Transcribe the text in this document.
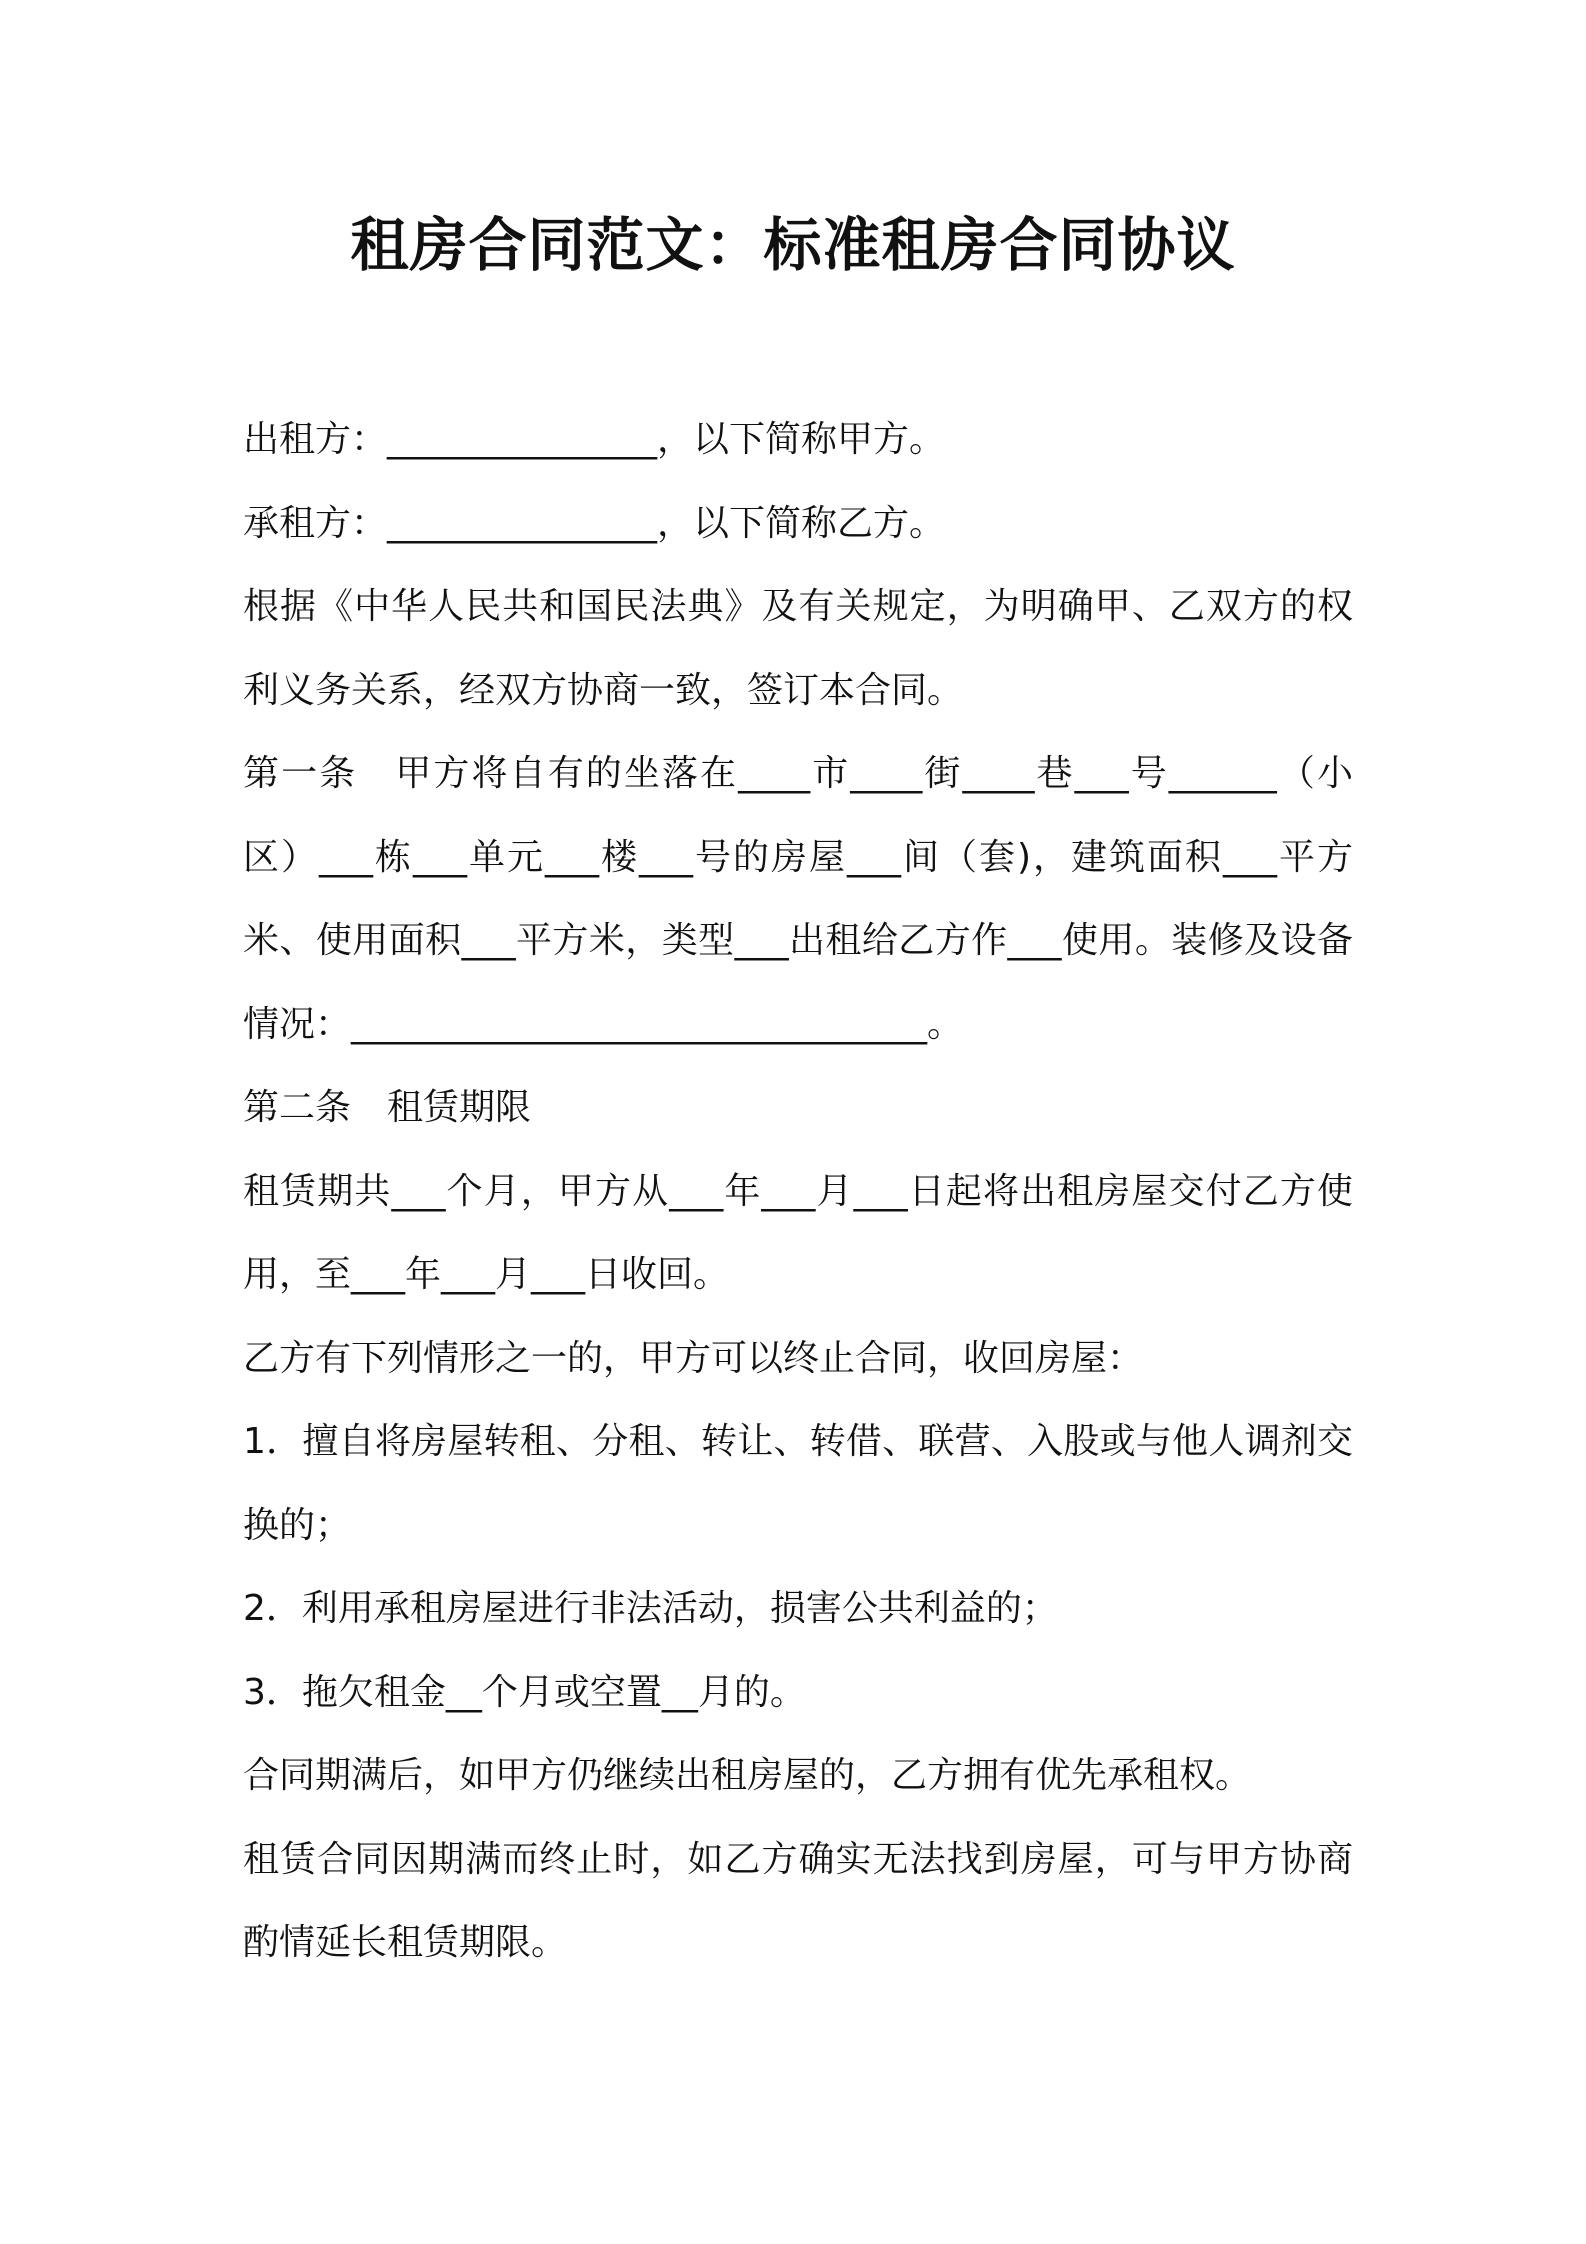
租房合同范文：标准租房合同协议

出租方：_______________，以下简称甲方。

承租方：_______________，以下简称乙方。

根据《中华人民共和国民法典》及有关规定，为明确甲、乙双方的权利义务关系，经双方协商一致，签订本合同。

第一条　甲方将自有的坐落在____市____街____巷___号______（小区）___栋___单元___楼___号的房屋___间（套)，建筑面积___平方米、使用面积___平方米，类型___出租给乙方作___使用。装修及设备情况：________________________________。

第二条　租赁期限

租赁期共___个月，甲方从___年___月___日起将出租房屋交付乙方使用，至___年___月___日收回。

乙方有下列情形之一的，甲方可以终止合同，收回房屋：

1．擅自将房屋转租、分租、转让、转借、联营、入股或与他人调剂交换的；

2．利用承租房屋进行非法活动，损害公共利益的；

3．拖欠租金__个月或空置__月的。

合同期满后，如甲方仍继续出租房屋的，乙方拥有优先承租权。

租赁合同因期满而终止时，如乙方确实无法找到房屋，可与甲方协商酌情延长租赁期限。
